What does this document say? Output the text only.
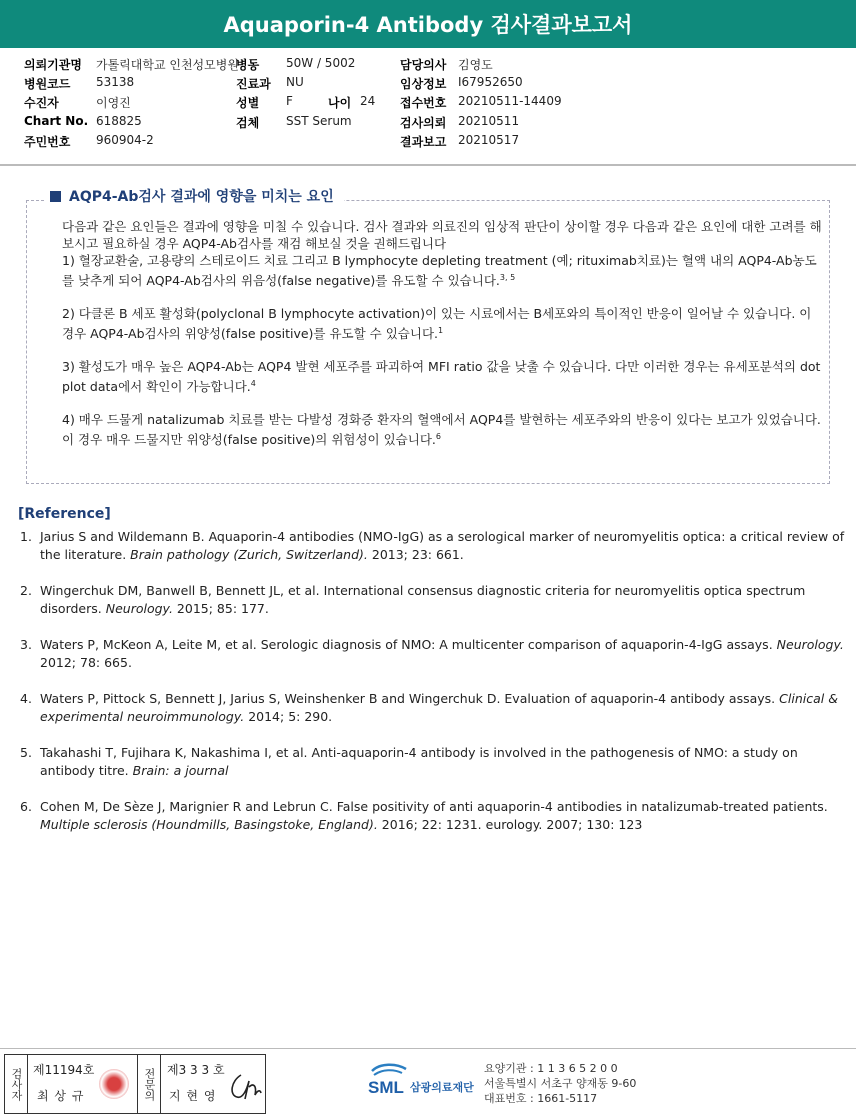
Aquaporin-4 Antibody 검사결과보고서
의뢰기관명 가톨릭대학교 인천성모병원
병동 50W / 5002	담당의사 김영도
병원코드 53138	진료과 NU	임상정보 I67952650
수진자	이영진	성별 F	나이 24 접수번호 20210511-14409
Chart No. 618825	검체 SST Serum	검사의뢰 20210511
주민번호 960904-2	결과보고 20210517
AQP4-Ab검사 결과에 영향을 미치는 요인

다음과 같은 요인들은 결과에 영향을 미칠 수 있습니다. 검사 결과와 의료진의 임상적 판단이 상이할 경우 다음과 같은 요인에 대한 고려를 해 보시고 필요하실 경우 AQP4-Ab검사를 재검 해보실 것을 권해드립니다

1) 혈장교환술, 고용량의 스테로이드 치료 그리고 B lymphocyte depleting treatment (예; rituximab치료)는 혈액 내의 AQP4-Ab농도를 낮추게 되어 AQP4-Ab검사의 위음성(false negative)를 유도할 수 있습니다.$^{3, 5}$

2) 다클론 B 세포 활성화(polyclonal B lymphocyte activation)이 있는 시료에서는 B세포와의 특이적인 반응이 일어날 수 있습니다. 이 경우 AQP4-Ab검사의 위양성(false positive)를 유도할 수 있습니다.$^1$

3) 활성도가 매우 높은 AQP4-Ab는 AQP4 발현 세포주를 파괴하여 MFI ratio 값을 낮출 수 있습니다. 다만 이러한 경우는 유세포분석의 dot plot data에서 확인이 가능합니다.$^4$

4) 매우 드물게 natalizumab 치료를 받는 다발성 경화증 환자의 혈액에서 AQP4를 발현하는 세포주와의 반응이 있다는 보고가 있었습니다. 이 경우 매우 드물지만 위양성(false positive)의 위험성이 있습니다.$^6$

[Reference]
1. Jarius S and Wildemann B. Aquaporin-4 antibodies (NMO-IgG) as a serological marker of neuromyelitis optica: a critical review of the literature. Brain pathology (Zurich, Switzerland). 2013; 23: 661.
2. Wingerchuk DM, Banwell B, Bennett JL, et al. International consensus diagnostic criteria for neuromyelitis optica spectrum disorders. Neurology. 2015; 85: 177.
3. Waters P, McKeon A, Leite M, et al. Serologic diagnosis of NMO: A multicenter comparison of aquaporin-4-IgG assays. Neurology. 2012; 78: 665.
4. Waters P, Pittock S, Bennett J, Jarius S, Weinshenker B and Wingerchuk D. Evaluation of aquaporin-4 antibody assays. Clinical & experimental neuroimmunology. 2014; 5: 290.
5. Takahashi T, Fujihara K, Nakashima I, et al. Anti-aquaporin-4 antibody is involved in the pathogenesis of NMO: a study on antibody titre. Brain: a journal
6. Cohen M, De Sèze J, Marignier R and Lebrun C. False positivity of anti aquaporin-4 antibodies in natalizumab-treated patients. Multiple sclerosis (Houndmills, Basingstoke, England). 2016; 22: 1231. eurology. 2007; 130: 123
검사자 제11194호
최 상 규	전문의 제3 3 3 호
지 현 영	SML 삼광의료재단
요양기관 : 1 1 3 6 5 2 0 0
서울특별시 서초구 양재동 9-60
대표번호 : 1661-5117
